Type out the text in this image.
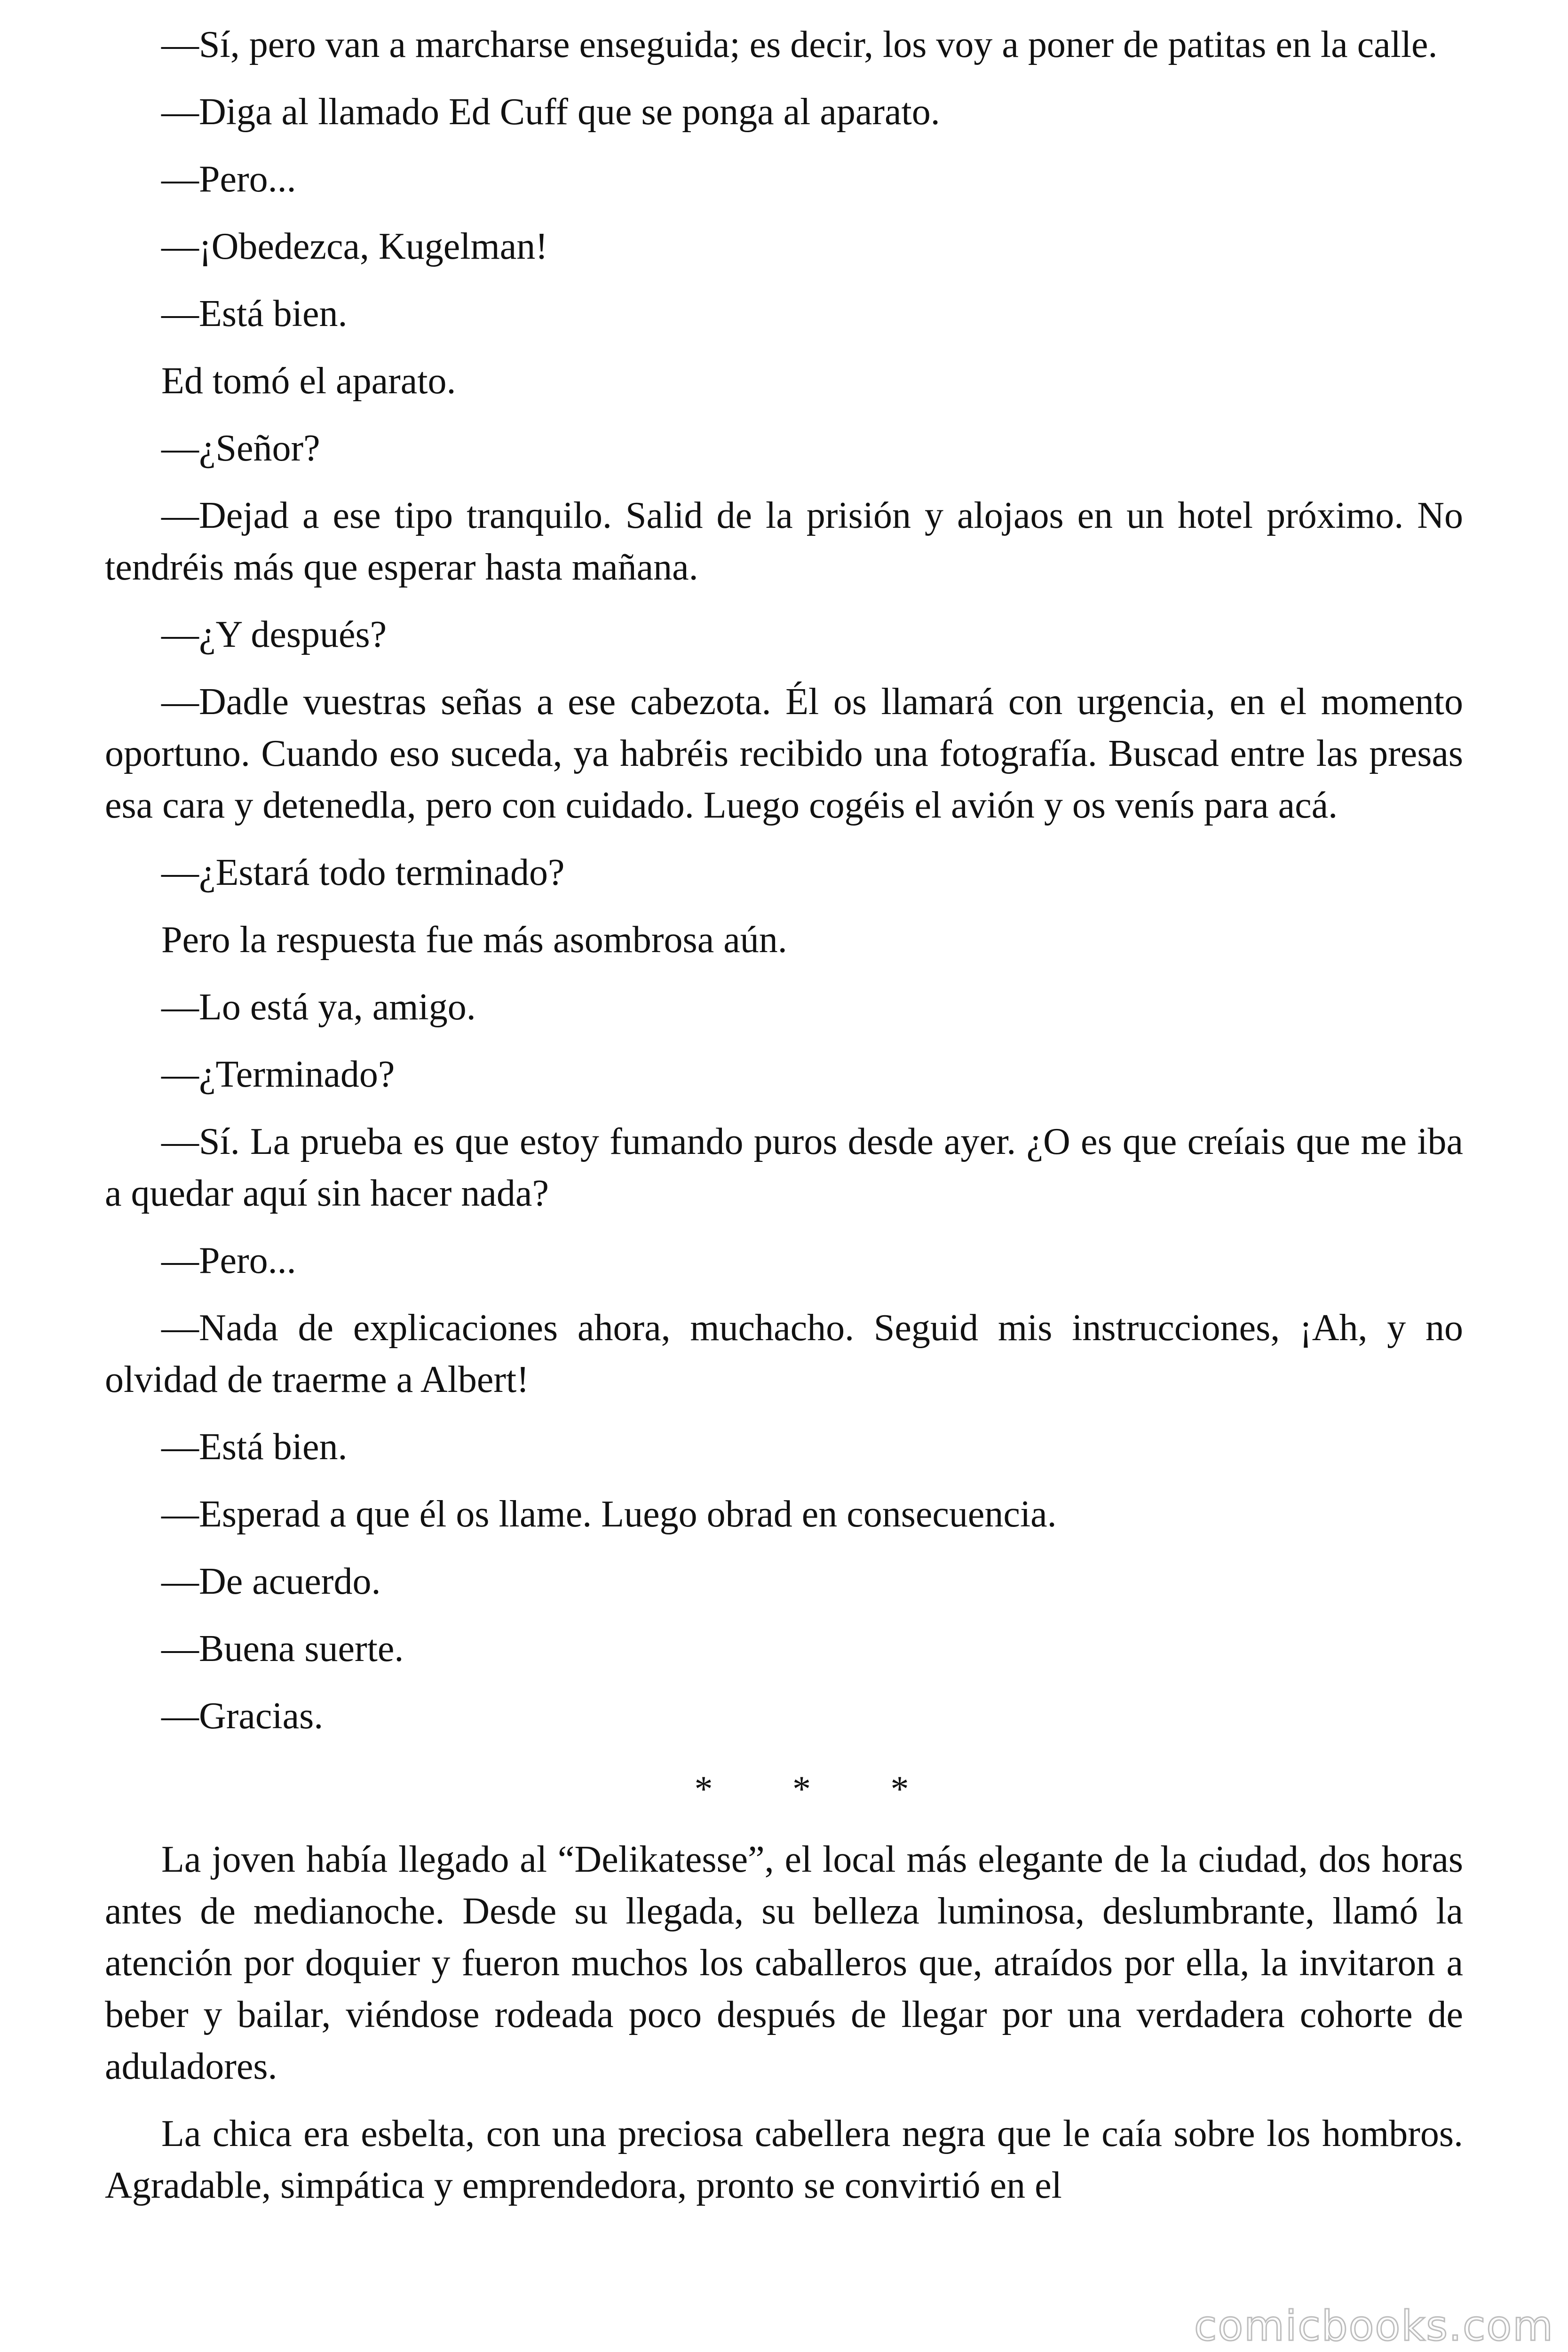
—Sí, pero van a marcharse enseguida; es decir, los voy a poner de patitas en la calle.

—Diga al llamado Ed Cuff que se ponga al aparato.

—Pero...

—¡Obedezca, Kugelman!

—Está bien.

Ed tomó el aparato.

—¿Señor?

—Dejad a ese tipo tranquilo. Salid de la prisión y alojaos en un hotel próximo. No tendréis más que esperar hasta mañana.

—¿Y después?

—Dadle vuestras señas a ese cabezota. Él os llamará con urgencia, en el momento oportuno. Cuando eso suceda, ya habréis recibido una fotografía. Buscad entre las presas esa cara y detenedla, pero con cuidado. Luego cogéis el avión y os venís para acá.

—¿Estará todo terminado?

Pero la respuesta fue más asombrosa aún.

—Lo está ya, amigo.

—¿Terminado?

—Sí. La prueba es que estoy fumando puros desde ayer. ¿O es que creíais que me iba a quedar aquí sin hacer nada?

—Pero...

—Nada de explicaciones ahora, muchacho. Seguid mis instrucciones, ¡Ah, y no olvidad de traerme a Albert!

—Está bien.

—Esperad a que él os llame. Luego obrad en consecuencia.

—De acuerdo.

—Buena suerte.

—Gracias.

* * *

La joven había llegado al “Delikatesse”, el local más elegante de la ciudad, dos horas antes de medianoche. Desde su llegada, su belleza luminosa, deslumbrante, llamó la atención por doquier y fueron muchos los caballeros que, atraídos por ella, la invitaron a beber y bailar, viéndose rodeada poco después de llegar por una verdadera cohorte de aduladores.

La chica era esbelta, con una preciosa cabellera negra que le caía sobre los hombros. Agradable, simpática y emprendedora, pronto se convirtió en el

comicbooks.com
